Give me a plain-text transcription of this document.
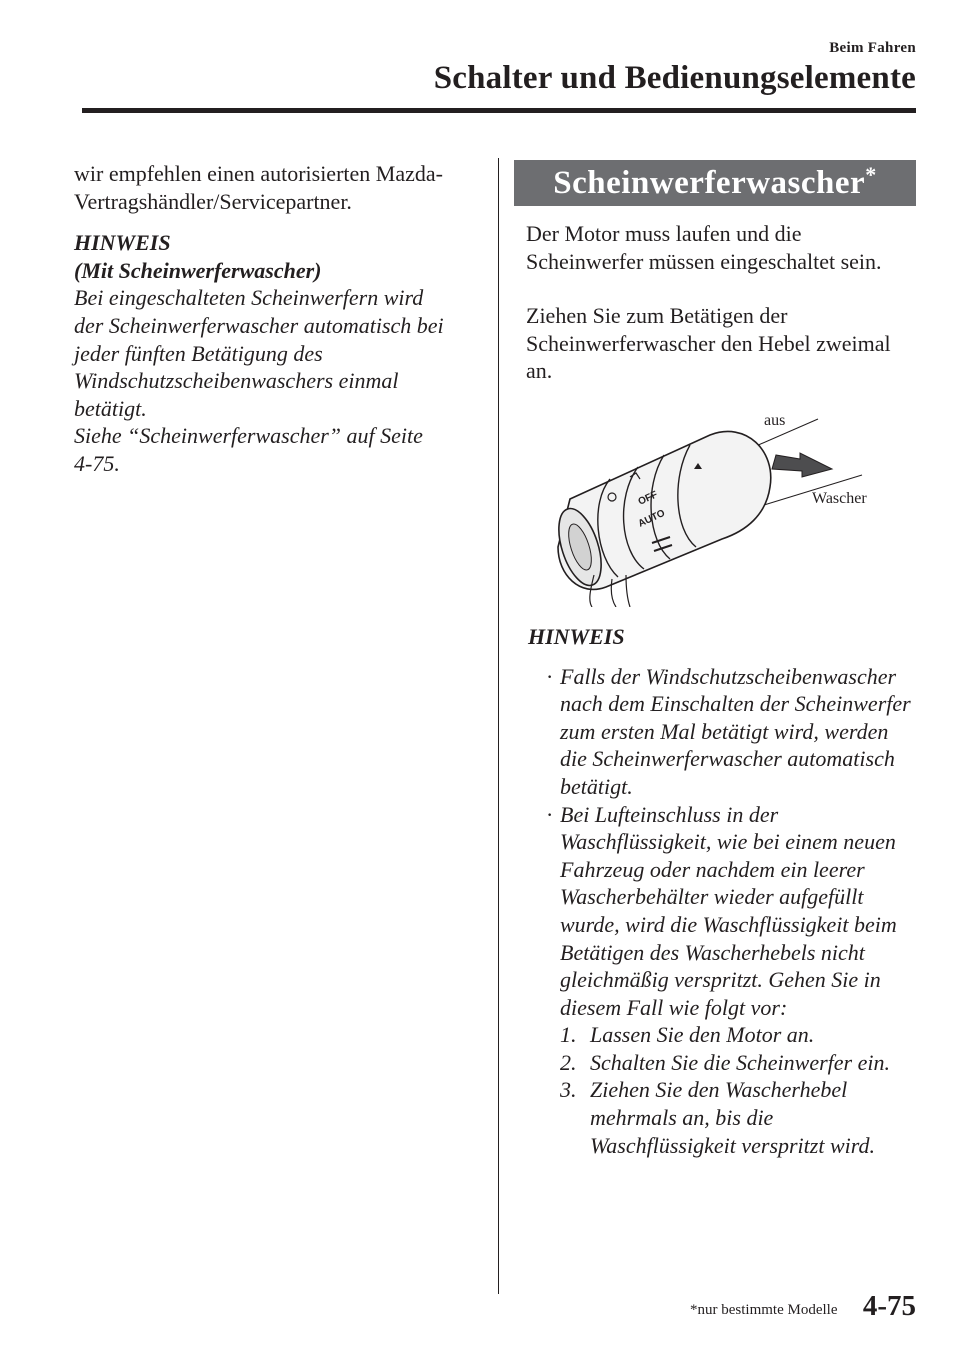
Beim Fahren
Schalter und Bedienungselemente

wir empfehlen einen autorisierten Mazda-Vertragshändler/Servicepartner.

HINWEIS
(Mit Scheinwerferwascher)
Bei eingeschalteten Scheinwerfern wird
der Scheinwerferwascher automatisch bei
jeder fünften Betätigung des
Windschutzscheibenwaschers einmal
betätigt.
Siehe “Scheinwerferwascher” auf Seite
4-75.

Scheinwerferwascher*

Der Motor muss laufen und die Scheinwerfer müssen eingeschaltet sein.

Ziehen Sie zum Betätigen der Scheinwerferwascher den Hebel zweimal an.

OFF
AUTO
aus
Wascher
HINWEIS
· Falls der Windschutzscheibenwascher nach dem Einschalten der Scheinwerfer zum ersten Mal betätigt wird, werden die Scheinwerferwascher automatisch betätigt.
· Bei Lufteinschluss in der Waschflüssigkeit, wie bei einem neuen Fahrzeug oder nachdem ein leerer Wascherbehälter wieder aufgefüllt wurde, wird die Waschflüssigkeit beim Betätigen des Wascherhebels nicht gleichmäßig verspritzt. Gehen Sie in diesem Fall wie folgt vor:
1. Lassen Sie den Motor an.
2. Schalten Sie die Scheinwerfer ein.
3. Ziehen Sie den Wascherhebel mehrmals an, bis die Waschflüssigkeit verspritzt wird.
*nur bestimmte Modelle 4-75
